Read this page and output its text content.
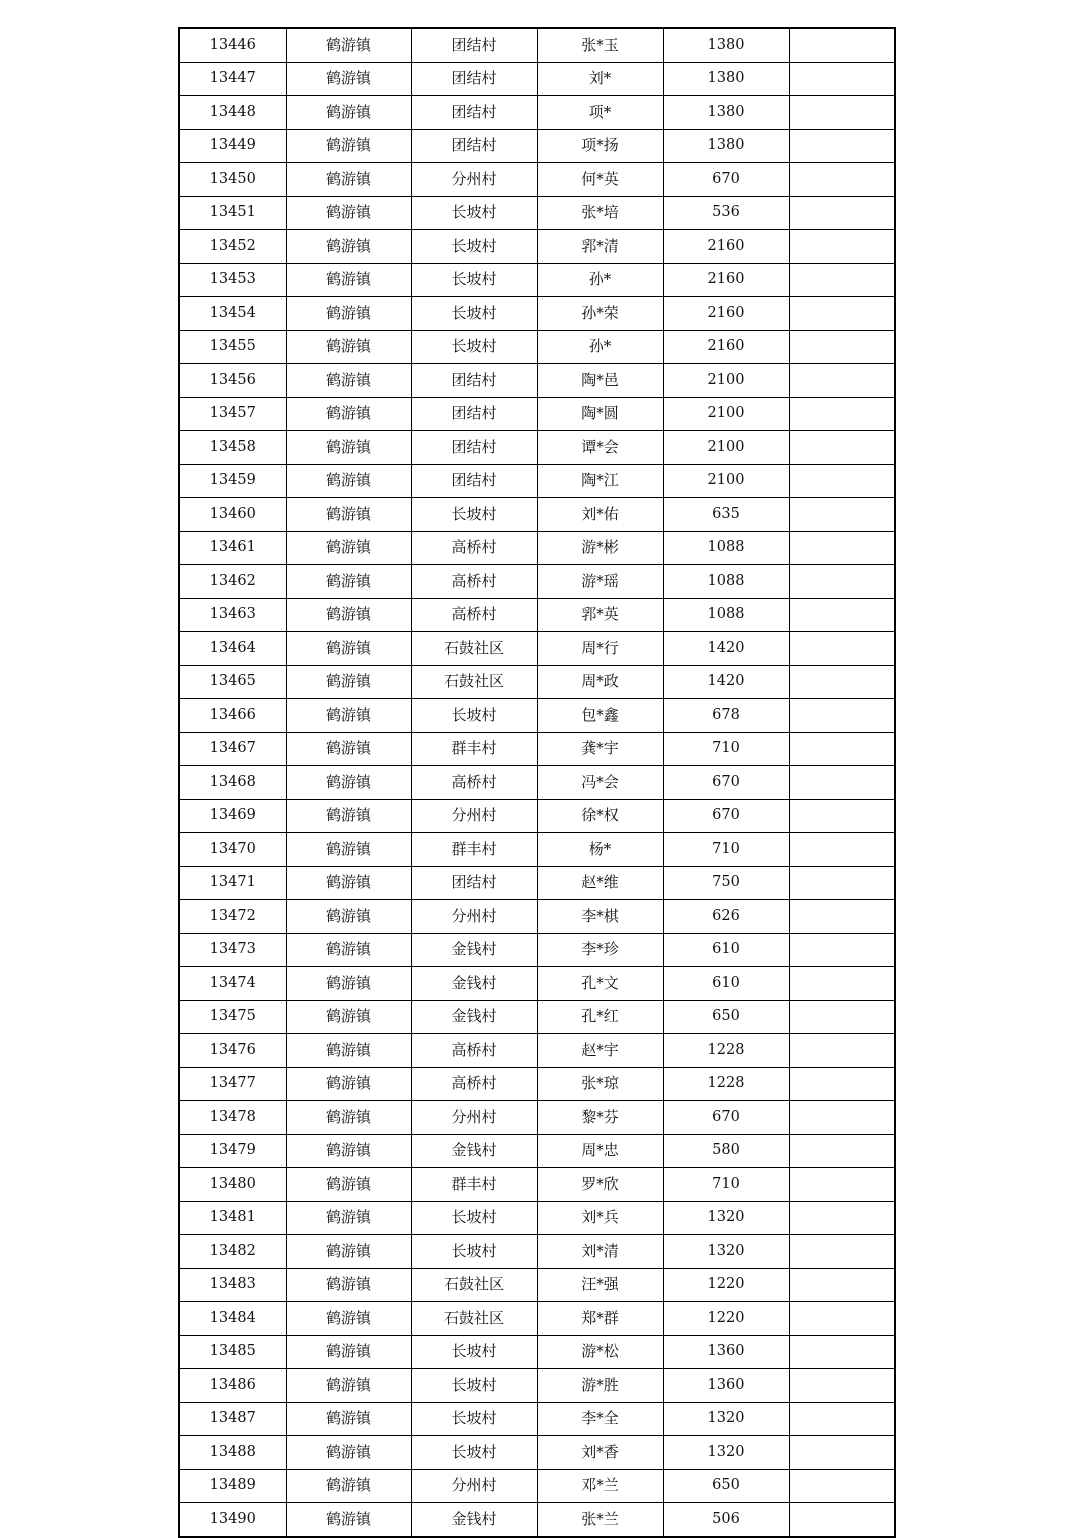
13446	鹤游镇	团结村	张*玉	1380	
13447	鹤游镇	团结村	刘*	1380	
13448	鹤游镇	团结村	项*	1380	
13449	鹤游镇	团结村	项*扬	1380	
13450	鹤游镇	分州村	何*英	670	
13451	鹤游镇	长坡村	张*培	536	
13452	鹤游镇	长坡村	郛*清	2160	
13453	鹤游镇	长坡村	孙*	2160	
13454	鹤游镇	长坡村	孙*荣	2160	
13455	鹤游镇	长坡村	孙*	2160	
13456	鹤游镇	团结村	陶*邑	2100	
13457	鹤游镇	团结村	陶*圆	2100	
13458	鹤游镇	团结村	谭*会	2100	
13459	鹤游镇	团结村	陶*江	2100	
13460	鹤游镇	长坡村	刘*佑	635	
13461	鹤游镇	高桥村	游*彬	1088	
13462	鹤游镇	高桥村	游*瑶	1088	
13463	鹤游镇	高桥村	郛*英	1088	
13464	鹤游镇	石鼓社区	周*行	1420	
13465	鹤游镇	石鼓社区	周*政	1420	
13466	鹤游镇	长坡村	包*鑫	678	
13467	鹤游镇	群丰村	龚*宇	710	
13468	鹤游镇	高桥村	冯*会	670	
13469	鹤游镇	分州村	徐*权	670	
13470	鹤游镇	群丰村	杨*	710	
13471	鹤游镇	团结村	赵*维	750	
13472	鹤游镇	分州村	李*棋	626	
13473	鹤游镇	金钱村	李*珍	610	
13474	鹤游镇	金钱村	孔*文	610	
13475	鹤游镇	金钱村	孔*红	650	
13476	鹤游镇	高桥村	赵*宇	1228	
13477	鹤游镇	高桥村	张*琼	1228	
13478	鹤游镇	分州村	黎*芬	670	
13479	鹤游镇	金钱村	周*忠	580	
13480	鹤游镇	群丰村	罗*欣	710	
13481	鹤游镇	长坡村	刘*兵	1320	
13482	鹤游镇	长坡村	刘*清	1320	
13483	鹤游镇	石鼓社区	汪*强	1220	
13484	鹤游镇	石鼓社区	郑*群	1220	
13485	鹤游镇	长坡村	游*松	1360	
13486	鹤游镇	长坡村	游*胜	1360	
13487	鹤游镇	长坡村	李*全	1320	
13488	鹤游镇	长坡村	刘*香	1320	
13489	鹤游镇	分州村	邓*兰	650	
13490	鹤游镇	金钱村	张*兰	506	
